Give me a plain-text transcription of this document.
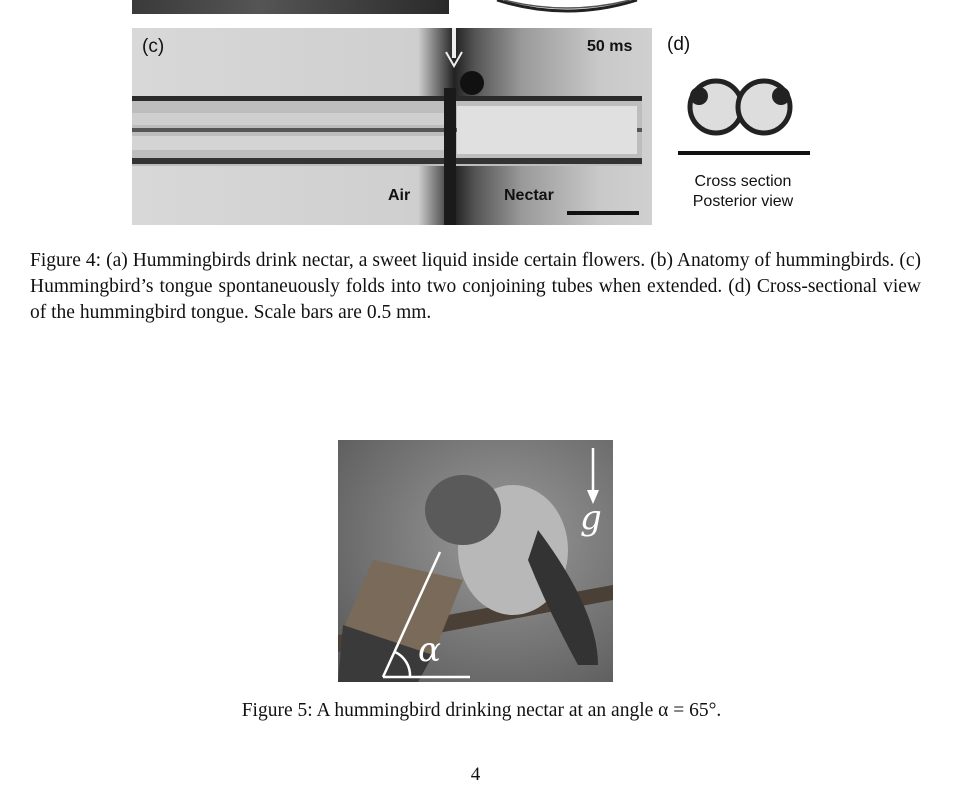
(c)	50 ms
Air	Nectar
(d)
Cross section
Posterior view
Figure 4: (a) Hummingbirds drink nectar, a sweet liquid inside certain flowers. (b) Anatomy of hummingbirds. (c) Hummingbird’s tongue spontaneuously folds into two conjoining tubes when extended. (d) Cross-sectional view of the hummingbird tongue. Scale bars are 0.5 mm.
g
α
Figure 5: A hummingbird drinking nectar at an angle α = 65°.
4
